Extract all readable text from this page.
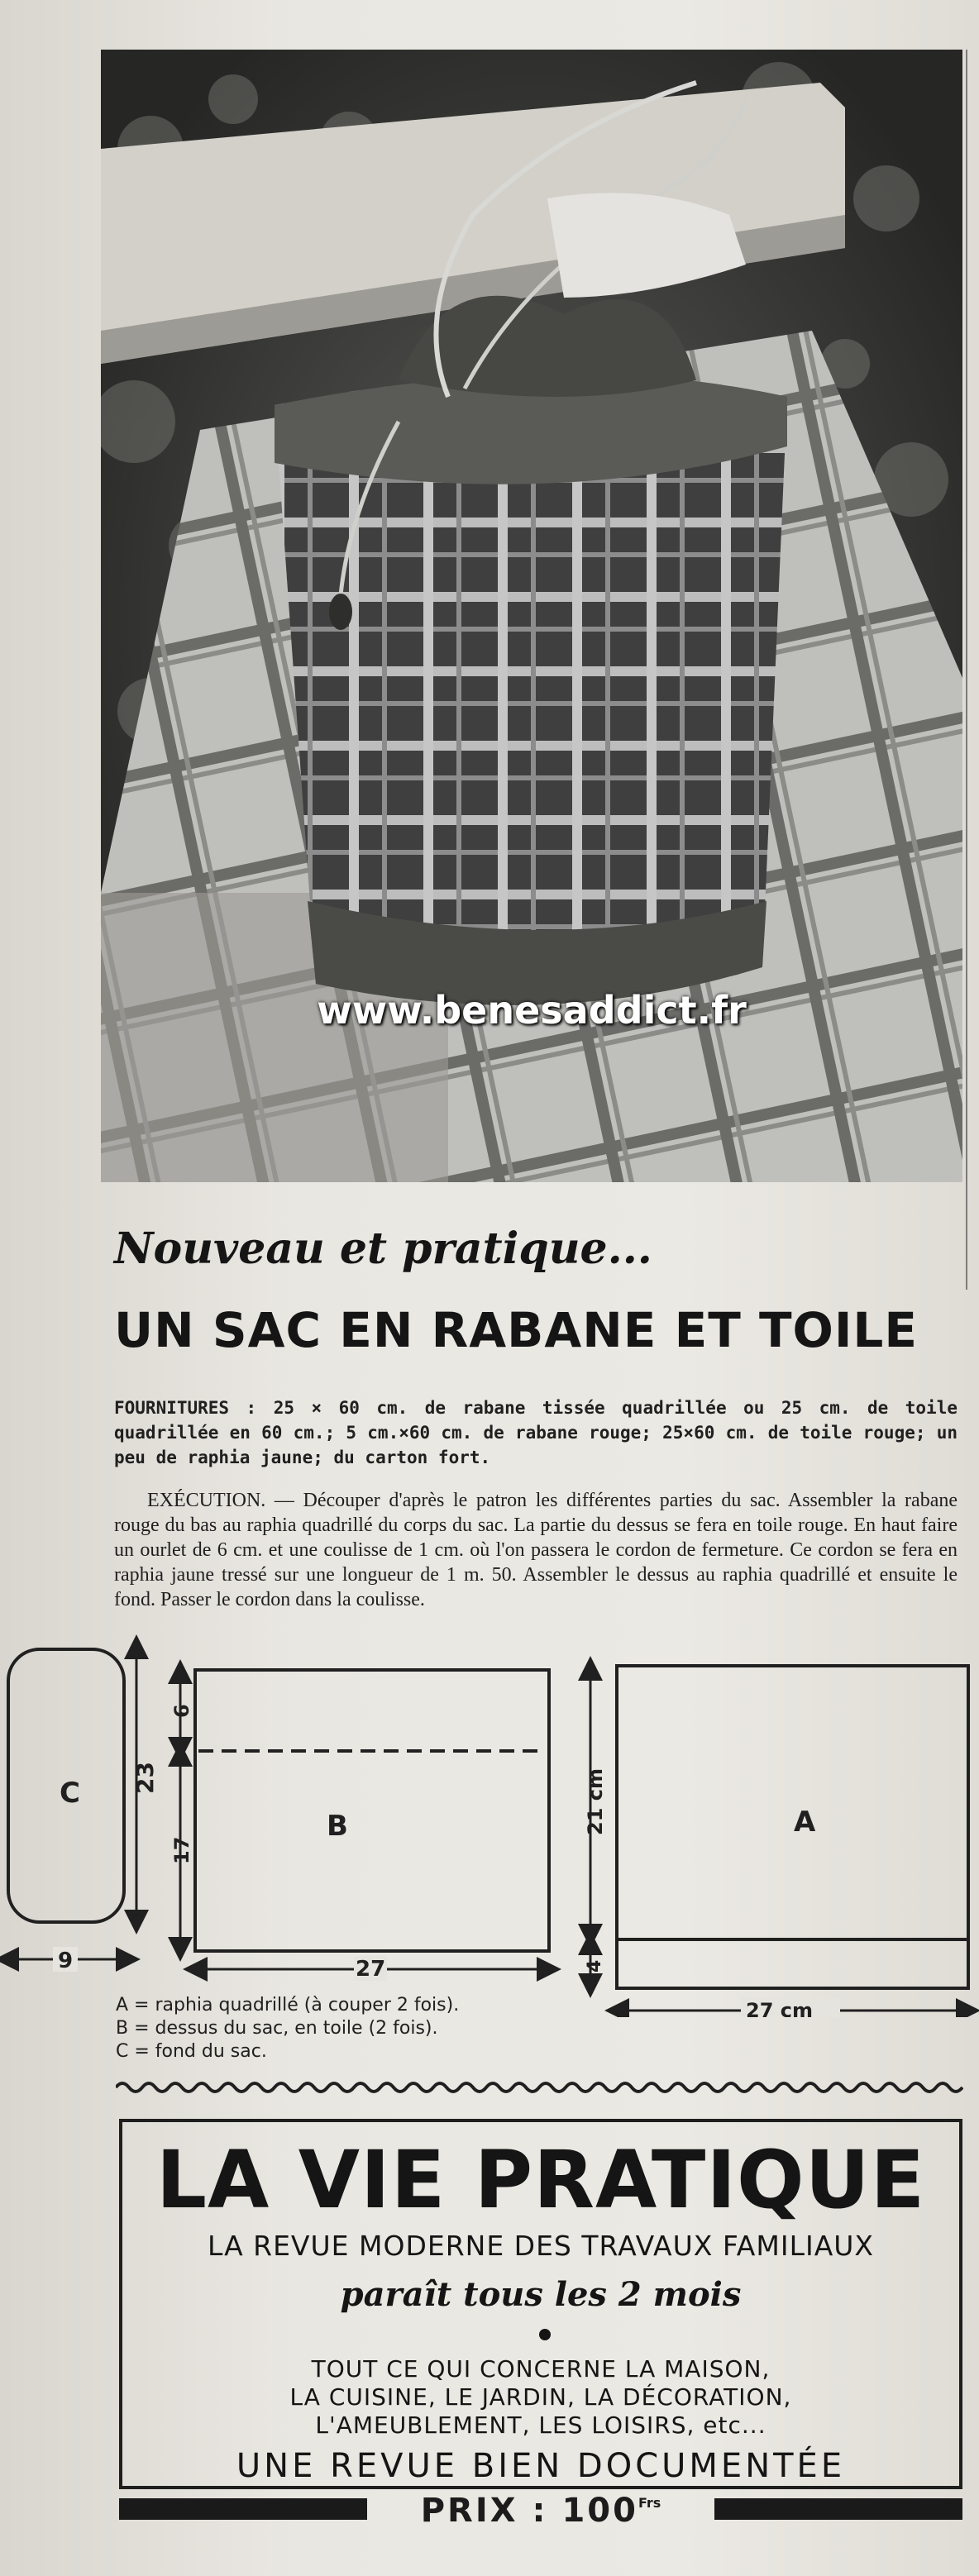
www.benesaddict.fr
Nouveau et pratique...
UN SAC EN RABANE ET TOILE
FOURNITURES : 25 × 60 cm. de rabane tissée quadrillée ou 25 cm. de toile quadrillée en 60 cm.; 5 cm.×60 cm. de rabane rouge; 25×60 cm. de toile rouge; un peu de raphia jaune; du carton fort.
EXÉCUTION. — Découper d'après le patron les différentes parties du sac. Assembler la rabane rouge du bas au raphia quadrillé du corps du sac. La partie du dessus se fera en toile rouge. En haut faire un ourlet de 6 cm. et une coulisse de 1 cm. où l'on passera le cordon de fermeture. Ce cordon se fera en raphia jaune tressé sur une longueur de 1 m. 50. Assembler le dessus au raphia quadrillé et ensuite le fond. Passer le cordon dans la coulisse.
C 23
9
B
6
17
27
A
21 cm
4
27 cm
A = raphia quadrillé (à couper 2 fois).
B = dessus du sac, en toile (2 fois).
C = fond du sac.
LA VIE PRATIQUE
LA REVUE MODERNE DES TRAVAUX FAMILIAUX
paraît tous les 2 mois
TOUT CE QUI CONCERNE LA MAISON,
LA CUISINE, LE JARDIN, LA DÉCORATION,
L'AMEUBLEMENT, LES LOISIRS, etc...
UNE REVUE BIEN DOCUMENTÉE
PRIX : $100^{Frs}$
